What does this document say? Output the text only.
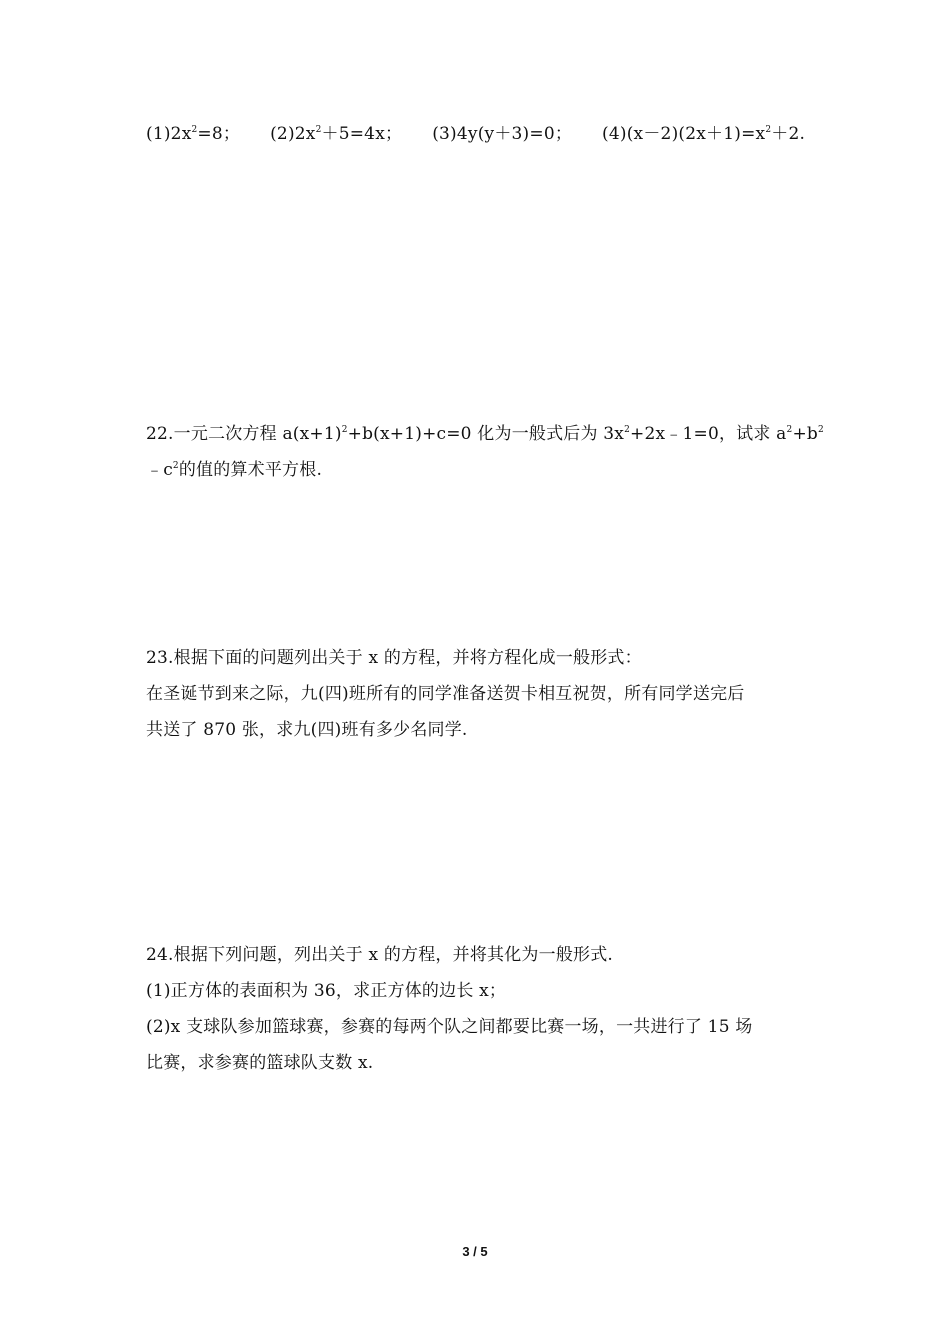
$(1)2x^2=8$； $(2)2x^2+5=4x$； (3)4y(y＋3)=0； $(4)(x-2)(2x+1)=x^2+2$.
22.一元二次方程 $a(x+1)^2+b(x+1)+c=0$ 化为一般式后为 $3x^2+2x﹣1=0$，试求 $a^2+b^2$
$﹣c^2$的值的算术平方根.
23.根据下面的问题列出关于 x 的方程，并将方程化成一般形式：
在圣诞节到来之际，九(四)班所有的同学准备送贺卡相互祝贺，所有同学送完后
共送了 870 张，求九(四)班有多少名同学.
24.根据下列问题，列出关于 x 的方程，并将其化为一般形式.
(1)正方体的表面积为 36，求正方体的边长 x；
(2)x 支球队参加篮球赛，参赛的每两个队之间都要比赛一场，一共进行了 15 场
比赛，求参赛的篮球队支数 x.
3 / 5
